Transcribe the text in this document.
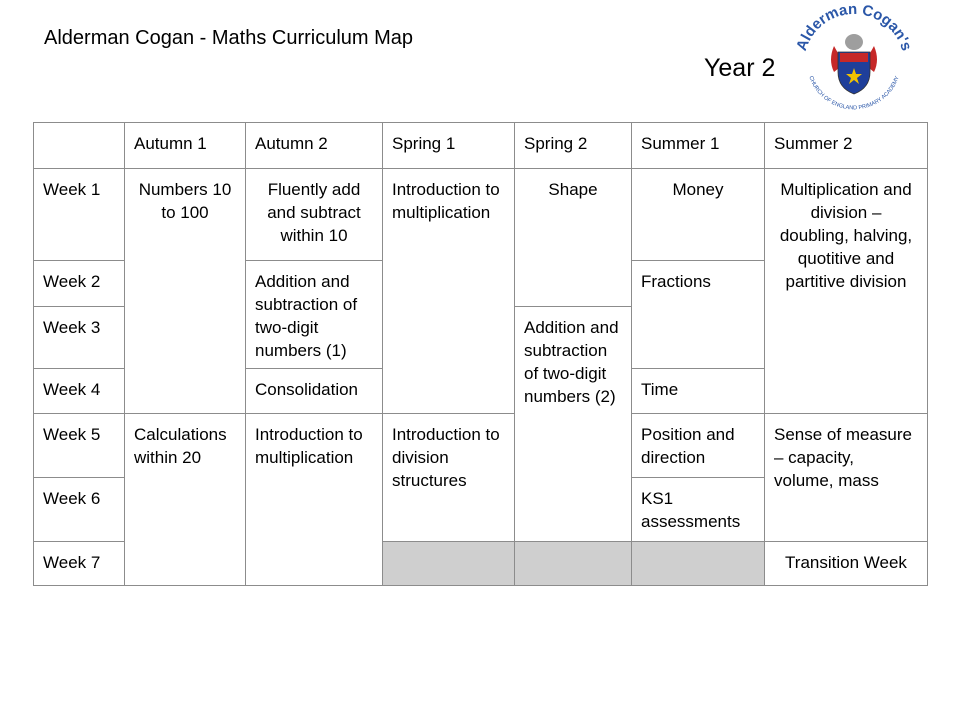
Alderman Cogan - Maths Curriculum Map
Year 2
Alderman Cogan's
CHURCH OF ENGLAND PRIMARY ACADEMY
	Autumn 1	Autumn 2	Spring 1	Spring 2	Summer 1	Summer 2
Week 1	Numbers 10 to 100	Fluently add and subtract within 10	Introduction to multiplication	Shape	Money	Multiplication and division – doubling, halving, quotitive and partitive division
Week 2		Addition and subtraction of two-digit numbers (1)			Fractions	
Week 3				Addition and subtraction of two-digit numbers (2)		
Week 4		Consolidation			Time	
Week 5	Calculations within 20	Introduction to multiplication	Introduction to division structures		Position and direction	Sense of measure – capacity, volume, mass
Week 6					KS1 assessments	
Week 7						Transition Week
